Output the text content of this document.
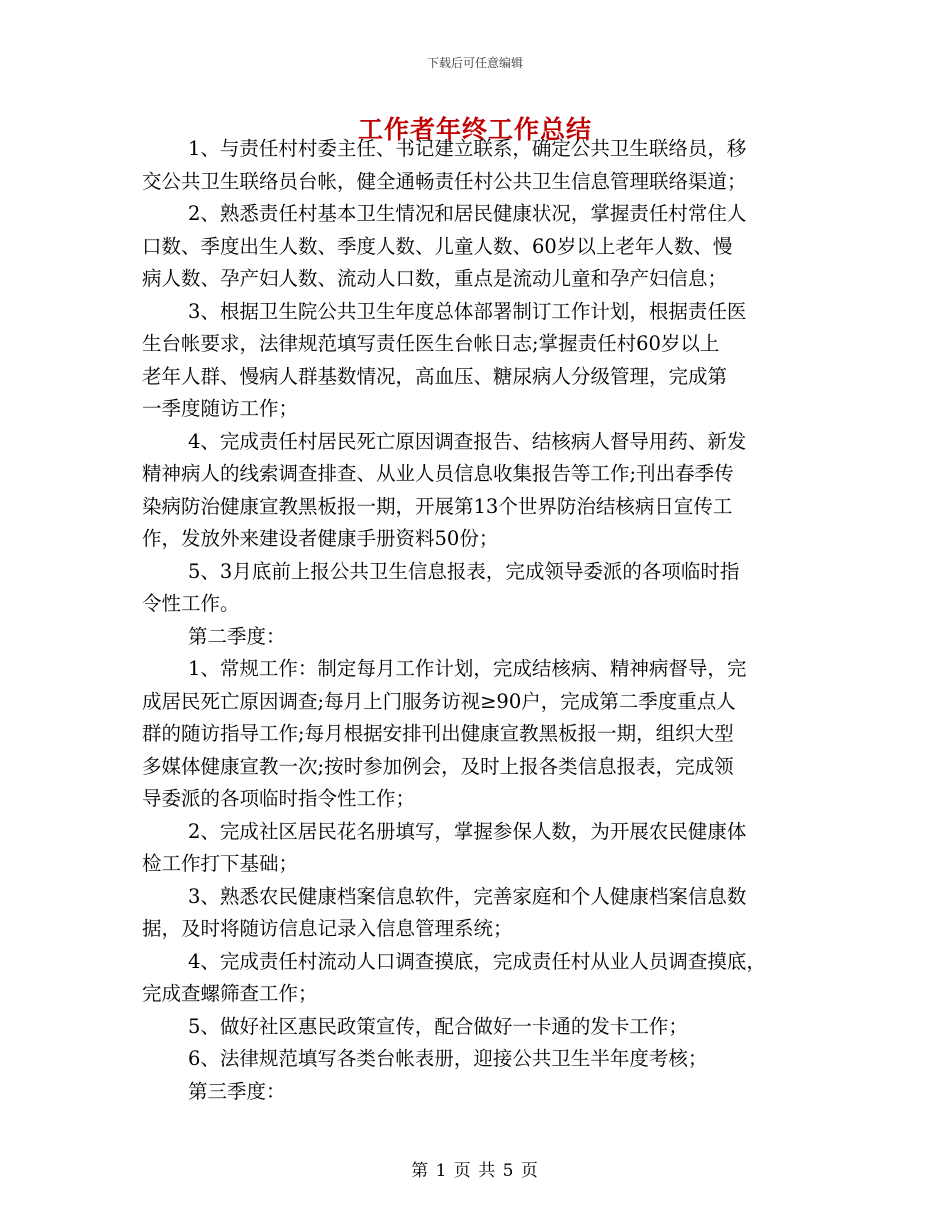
下载后可任意编辑
工作者年终工作总结

1、与责任村村委主任、书记建立联系，确定公共卫生联络员，移

交公共卫生联络员台帐，健全通畅责任村公共卫生信息管理联络渠道；

2、熟悉责任村基本卫生情况和居民健康状况，掌握责任村常住人

口数、季度出生人数、季度人数、儿童人数、60岁以上老年人数、慢

病人数、孕产妇人数、流动人口数，重点是流动儿童和孕产妇信息；

3、根据卫生院公共卫生年度总体部署制订工作计划，根据责任医

生台帐要求，法律规范填写责任医生台帐日志;掌握责任村60岁以上

老年人群、慢病人群基数情况，高血压、糖尿病人分级管理，完成第

一季度随访工作；

4、完成责任村居民死亡原因调查报告、结核病人督导用药、新发

精神病人的线索调查排查、从业人员信息收集报告等工作;刊出春季传

染病防治健康宣教黑板报一期，开展第13个世界防治结核病日宣传工

作，发放外来建设者健康手册资料50份；

5、3月底前上报公共卫生信息报表，完成领导委派的各项临时指

令性工作。

第二季度：

1、常规工作：制定每月工作计划，完成结核病、精神病督导，完

成居民死亡原因调查;每月上门服务访视≥90户，完成第二季度重点人

群的随访指导工作;每月根据安排刊出健康宣教黑板报一期，组织大型

多媒体健康宣教一次;按时参加例会，及时上报各类信息报表，完成领

导委派的各项临时指令性工作；

2、完成社区居民花名册填写，掌握参保人数，为开展农民健康体

检工作打下基础；

3、熟悉农民健康档案信息软件，完善家庭和个人健康档案信息数

据，及时将随访信息记录入信息管理系统；

4、完成责任村流动人口调查摸底，完成责任村从业人员调查摸底，

完成查螺筛查工作；

5、做好社区惠民政策宣传，配合做好一卡通的发卡工作；

6、法律规范填写各类台帐表册，迎接公共卫生半年度考核；

第三季度：

第 1 页 共 5 页
